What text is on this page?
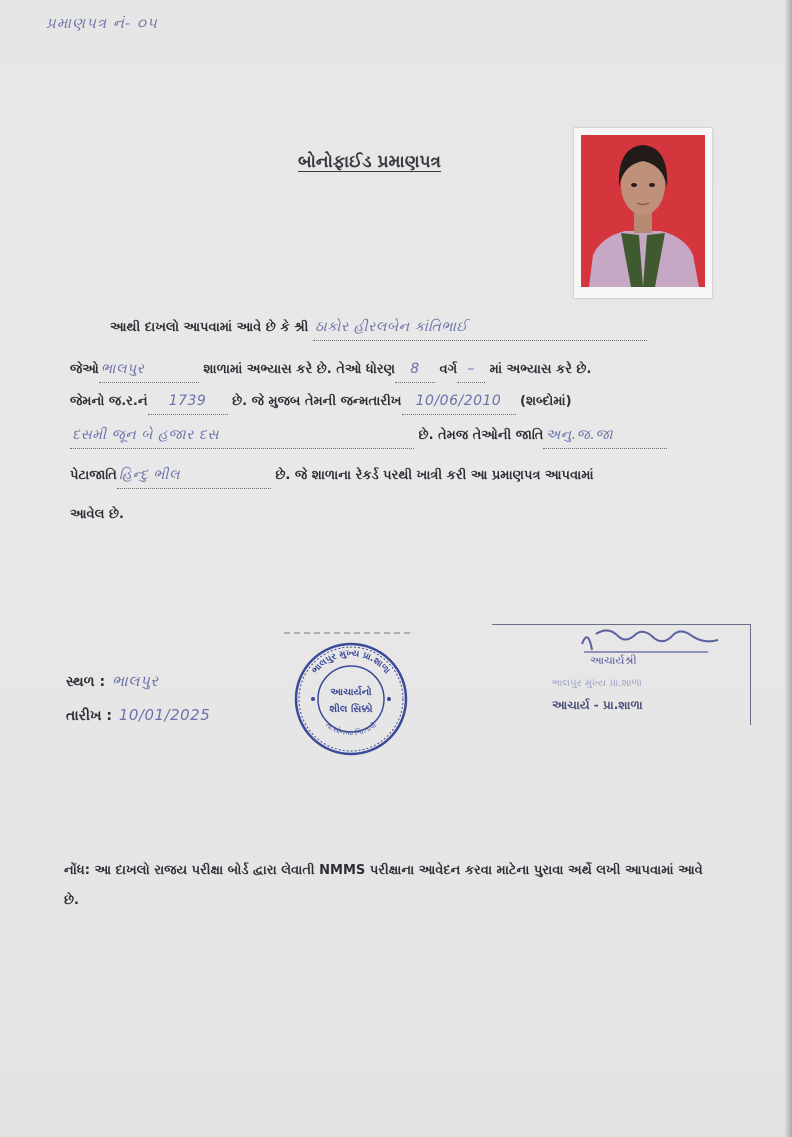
પ્રમાણપત્ર નં- ૦૫
બોનોફાઈડ પ્રમાણપત્ર
આથી દાખલો આપવામાં આવે છે કે શ્રી ઠાકોર હીરલબેન કાંતિભાઈ
જેઓ ભાલપુર	શાળામાં અભ્યાસ કરે છે. તેઓ ધોરણ 8 વર્ગ – માં અભ્યાસ કરે છે.
જેમનો જ.ર.નં 1739 છે. જે મુજબ તેમની જન્મતારીખ 10/06/2010 (શબ્દોમાં)
દસમી જૂન બે હજાર દસ	છે. તેમજ તેઓની જાતિ અનુ.જ.જા
પેટાજાતિ હિન્દુ ભીલ	છે. જે શાળાના રેકર્ડ પરથી ખાત્રી કરી આ પ્રમાણપત્ર આપવામાં
આવેલ છે.
સ્થળ : ભાલપુર
તારીખ : 10/01/2025
ભાલપુર મુખ્ય પ્રા.શાળા
તા.સોનગઢ જિ.તાપી
આચાર્યનો
શીલ સિક્કો
આચાર્યશ્રી
ભાલપુર મુખ્ય પ્રા.શાળા
આચાર્ય - પ્રા.શાળા
નોંધ: આ દાખલો રાજય પરીક્ષા બોર્ડ દ્વારા લેવાતી NMMS પરીક્ષાના આવેદન કરવા માટેના પુરાવા અર્થે લખી આપવામાં આવે છે.
